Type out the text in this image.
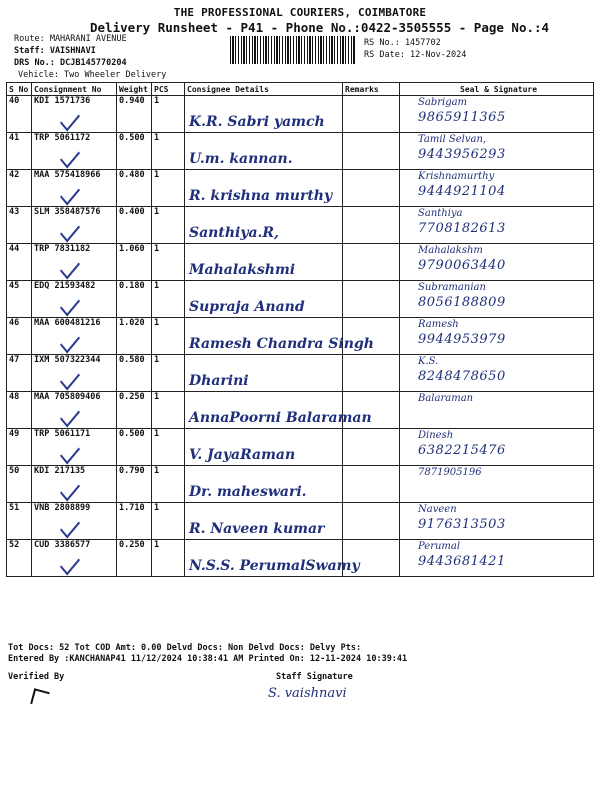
THE PROFESSIONAL COURIERS, COIMBATORE
Delivery Runsheet - P41 - Phone No.:0422-3505555 - Page No.:4
Route: MAHARANI AVENUE
Staff: VAISHNAVI
DRS No.: DCJB145770204
Vehicle: Two Wheeler Delivery
RS No.: 1457702
RS Date: 12-Nov-2024
S No	Consignment No	Weight	PCS	Consignee Details	Remarks	Seal & Signature
40	KDI 1571736	0.940	1	K.R. Sabri yamch		Sabrigam
9865911365

41	TRP 5061172	0.500	1	U.m. kannan.		Tamil Selvan,
9443956293

42	MAA 575418966	0.480	1	R. krishna murthy		Krishnamurthy
9444921104

43	SLM 358487576	0.400	1	Santhiya.R,		Santhiya
7708182613

44	TRP 7831182	1.060	1	Mahalakshmi		Mahalakshm
9790063440

45	EDQ 21593482	0.180	1	Supraja Anand		Subramanian
8056188809

46	MAA 600481216	1.020	1	Ramesh Chandra Singh		Ramesh
9944953979

47	IXM 507322344	0.580	1	Dharini		K.S.
8248478650

48	MAA 705809406	0.250	1	AnnaPoorni Balaraman		Balaraman

49	TRP 5061171	0.500	1	V. JayaRaman		Dinesh
6382215476

50	KDI 217135	0.790	1	Dr. maheswari.		7871905196

51	VNB 2808899	1.710	1	R. Naveen kumar		Naveen
9176313503

52	CUD 3386577	0.250	1	N.S.S. PerumalSwamy		Perumal
9443681421
Tot Docs: 52 Tot COD Amt: 0.00 Delvd Docs: Non Delvd Docs: Delvy Pts:
Entered By :KANCHANAP41 11/12/2024 10:38:41 AM Printed On: 12-11-2024 10:39:41
Verified By	Staff Signature
S. vaishnavi
